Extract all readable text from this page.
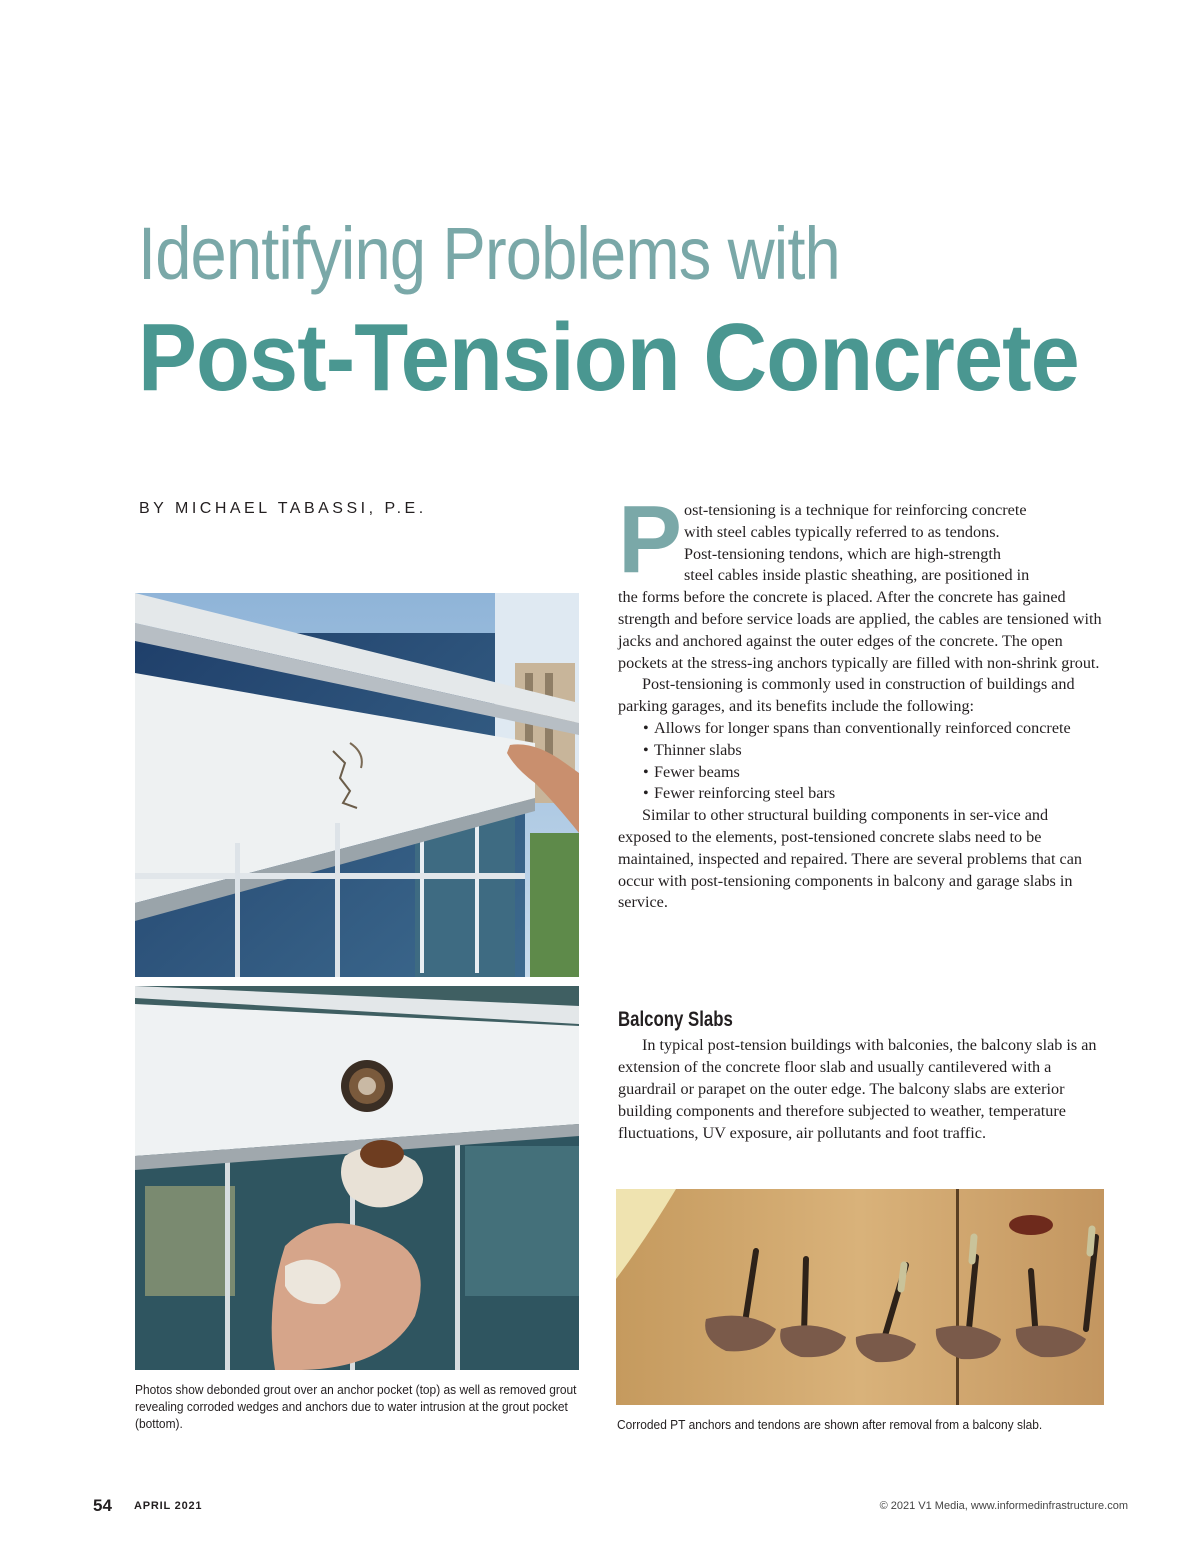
Identifying Problems with
Post-Tension Concrete
BY MICHAEL TABASSI, P.E.
Photos show debonded grout over an anchor pocket (top) as well as removed grout revealing corroded wedges and anchors due to water intrusion at the grout pocket (bottom).
P ost-tensioning is a technique for reinforcing concrete
with steel cables typically referred to as tendons.
Post-tensioning tendons, which are high-strength
steel cables inside plastic sheathing, are positioned in

the forms before the concrete is placed. After the concrete has gained strength and before service loads are applied, the cables are tensioned with jacks and anchored against the outer edges of the concrete. The open pockets at the stress-ing anchors typically are filled with non-shrink grout.

Post-tensioning is commonly used in construction of buildings and parking garages, and its benefits include the following:

• Allows for longer spans than conventionally reinforced concrete
• Thinner slabs
• Fewer beams
• Fewer reinforcing steel bars

Similar to other structural building components in ser-vice and exposed to the elements, post-tensioned concrete slabs need to be maintained, inspected and repaired. There are several problems that can occur with post-tensioning components in balcony and garage slabs in service.

Balcony Slabs

In typical post-tension buildings with balconies, the balcony slab is an extension of the concrete floor slab and usually cantilevered with a guardrail or parapet on the outer edge. The balcony slabs are exterior building components and therefore subjected to weather, temperature fluctuations, UV exposure, air pollutants and foot traffic.

Corroded PT anchors and tendons are shown after removal from a balcony slab.
54 APRIL 2021	© 2021 V1 Media, www.informedinfrastructure.com
